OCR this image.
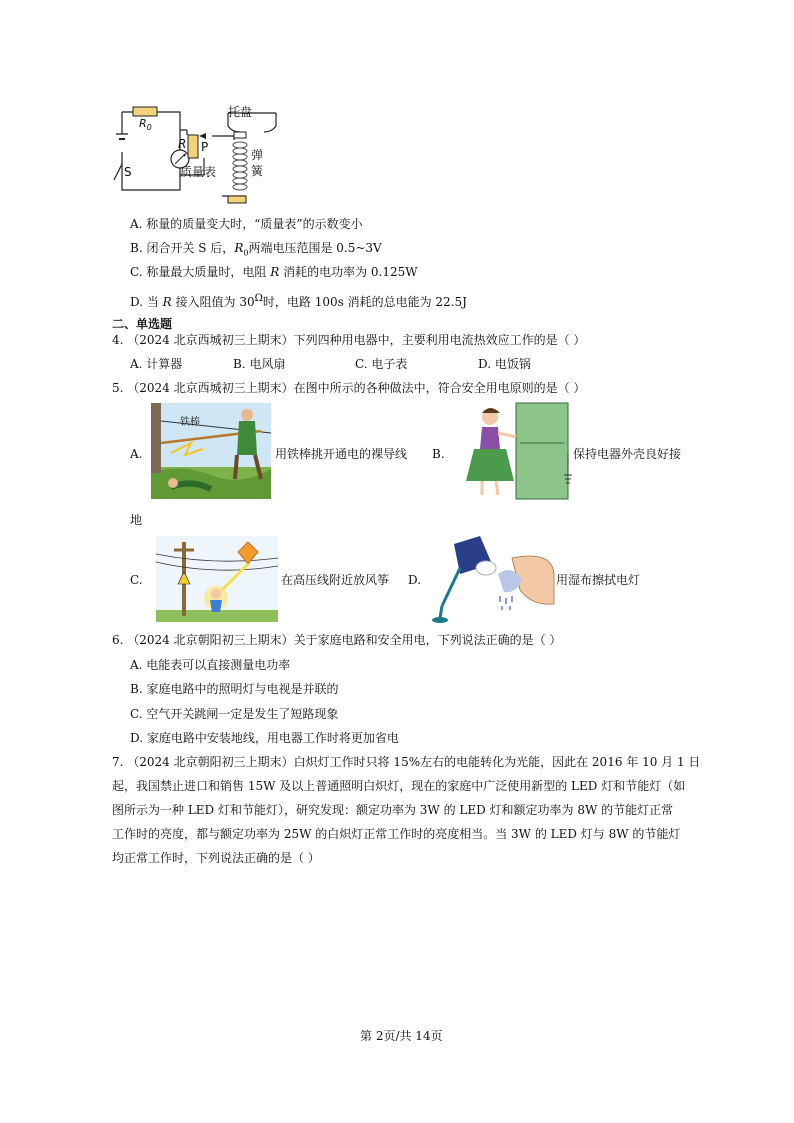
$R_0$
R P
S	质量表
托盘
弹
簧
A. 称量的质量变大时，“质量表”的示数变小
B. 闭合开关 S 后，$R_0$两端电压范围是 0.5~3V
C. 称量最大质量时，电阻 R 消耗的电功率为 0.125W
D. 当 R 接入阻值为 $30^\Omega$时，电路 100s 消耗的总电能为 22.5J
二、单选题
4. （2024 北京西城初三上期末）下列四种用电器中，主要利用电流热效应工作的是（ ）
A. 计算器	B. 电风扇	C. 电子表	D. 电饭锅
5. （2024 北京西城初三上期末）在图中所示的各种做法中，符合安全用电原则的是（ ）
铁棒
A.	用铁棒挑开通电的裸导线 B.	保持电器外壳良好接
地
C.	在高压线附近放风筝 D.	用湿布擦拭电灯
6. （2024 北京朝阳初三上期末）关于家庭电路和安全用电，下列说法正确的是（ ）
A. 电能表可以直接测量电功率
B. 家庭电路中的照明灯与电视是并联的
C. 空气开关跳闸一定是发生了短路现象
D. 家庭电路中安装地线，用电器工作时将更加省电
7. （2024 北京朝阳初三上期末）白炽灯工作时只将 15%左右的电能转化为光能，因此在 2016 年 10 月 1 日
起，我国禁止进口和销售 15W 及以上普通照明白炽灯，现在的家庭中广泛使用新型的 LED 灯和节能灯（如
图所示为一种 LED 灯和节能灯），研究发现：额定功率为 3W 的 LED 灯和额定功率为 8W 的节能灯正常
工作时的亮度，都与额定功率为 25W 的白炽灯正常工作时的亮度相当。当 3W 的 LED 灯与 8W 的节能灯
均正常工作时，下列说法正确的是（ ）
第 2页/共 14页
